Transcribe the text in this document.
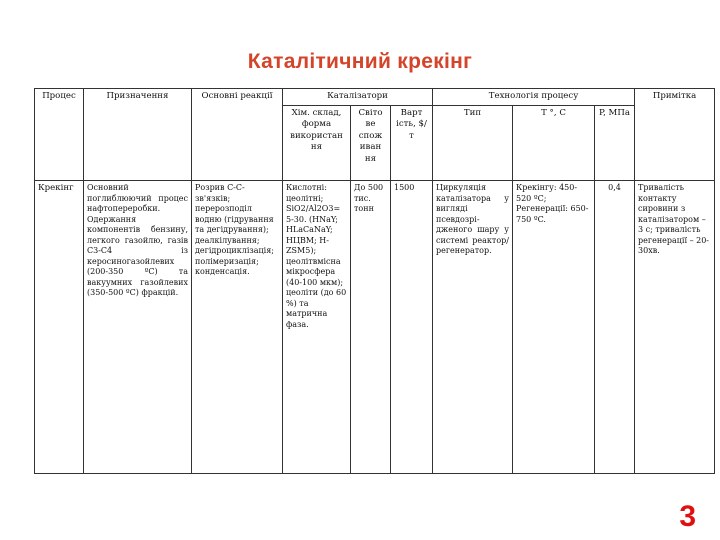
Каталітичний крекінг
Процес	Призначення	Основні реакції	Каталізатори			Технологія процесу			Примітка
			Хім. склад, форма використан ня	Світо ве спож иван ня	Варт ість, $/т	Тип	T °, C	P, МПа	
Крекінг	Основний поглиблюючий процес нафтопереробки. Одержання компонентів бензину, легкого газойлю, газів C3-C4 із керосиногазойлевих (200-350 ºC) та вакуумних газойлевих (350-500 ºC) фракцій.	Розрив C-C-зв'язків; перерозподіл водню (гідрування та дегідрування); деалкілування; дегідроциклізація; полімеризація; конденсація.	Кислотні: цеолітні; SiO2/Al2O3= 5-30. (HNaY; HLaCaNaY; HЦВМ; H-ZSM5); цеолітвмісна мікросфера (40-100 мкм); цеоліти (до 60 %) та матрична фаза.	До 500 тис. тонн	1500	Циркуляція каталізатора у вигляді псевдозрі-дженого шару у системі реактор/ регенератор.	Крекінгу: 450-520 ºC; Регенерації: 650-750 ºC.	0,4	Тривалість контакту сировини з каталізатором – 3 с; тривалість регенерації – 20-30хв.
3
